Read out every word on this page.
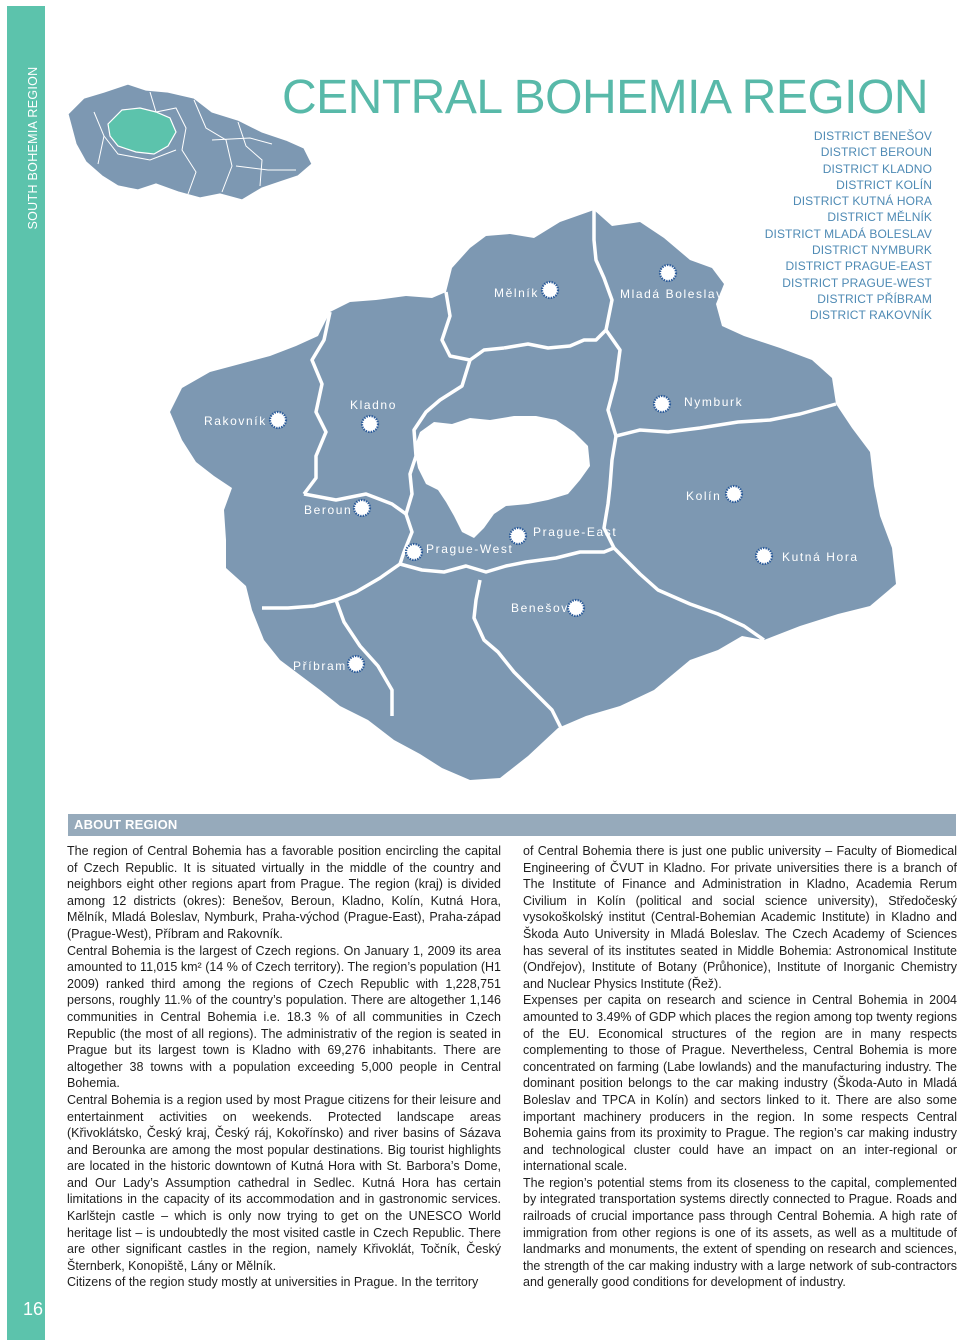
SOUTH BOHEMIA REGION
16
Mělník	Mladá Boleslav
Rakovník
Kladno	Nymburk
Beroun
Kolín
Prague-West
Prague-East
Kutná Hora
Benešov
Příbram
CENTRAL BOHEMIA REGION
DISTRICT BENEŠOV
DISTRICT BEROUN
DISTRICT KLADNO
DISTRICT KOLÍN
DISTRICT KUTNÁ HORA
DISTRICT MĚLNÍK
DISTRICT MLADÁ BOLESLAV
DISTRICT NYMBURK
DISTRICT PRAGUE-EAST
DISTRICT PRAGUE-WEST
DISTRICT PŘÍBRAM
DISTRICT RAKOVNÍK
ABOUT REGION

The region of Central Bohemia has a favorable position encircling the capital of Czech Republic. It is situated virtually in the middle of the country and neighbors eight other regions apart from Prague. The region (kraj) is divided among 12 districts (okres): Benešov, Beroun, Kladno, Kolín, Kutná Hora, Mělník, Mladá Boleslav, Nymburk, Praha-východ (Prague-East), Praha-západ (Prague-West), Příbram and Rakovník.

Central Bohemia is the largest of Czech regions. On January 1, 2009 its area amounted to 11,015 km² (14 % of Czech territory). The region’s population (H1 2009) ranked third among the regions of Czech Republic with 1,228,751 persons, roughly 11.% of the country’s population. There are altogether 1,146 communities in Central Bohemia i.e. 18.3 % of all communities in Czech Republic (the most of all regions). The administrativ of the region is seated in Prague but its largest town is Kladno with 69,276 inhabitants. There are altogether 38 towns with a population exceeding 5,000 people in Central Bohemia.

Central Bohemia is a region used by most Prague citizens for their leisure and entertainment activities on weekends. Protected landscape areas (Křivoklátsko, Český kraj, Český ráj, Kokořínsko) and river basins of Sázava and Berounka are among the most popular destinations. Big tourist highlights are located in the historic downtown of Kutná Hora with St. Barbora’s Dome, and Our Lady’s Assumption cathedral in Sedlec. Kutná Hora has certain limitations in the capacity of its accommodation and in gastronomic services. Karlštejn castle – which is only now trying to get on the UNESCO World heritage list – is undoubtedly the most visited castle in Czech Republic. There are other significant castles in the region, namely Křivoklát, Točník, Český Šternberk, Konopiště, Lány or Mělník.

Citizens of the region study mostly at universities in Prague. In the territory

of Central Bohemia there is just one public university – Faculty of Biomedical Engineering of ČVUT in Kladno. For private universities there is a branch of The Institute of Finance and Administration in Kladno, Academia Rerum Civilium in Kolín (political and social science university), Středočeský vysokoškolský institut (Central-Bohemian Academic Institute) in Kladno and Škoda Auto University in Mladá Boleslav. The Czech Academy of Sciences has several of its institutes seated in Middle Bohemia: Astronomical Institute (Ondřejov), Institute of Botany (Průhonice), Institute of Inorganic Chemistry and Nuclear Physics Institute (Řež).

Expenses per capita on research and science in Central Bohemia in 2004 amounted to 3.49% of GDP which places the region among top twenty regions of the EU. Economical structures of the region are in many respects complementing to those of Prague. Nevertheless, Central Bohemia is more concentrated on farming (Labe lowlands) and the manufacturing industry. The dominant position belongs to the car making industry (Škoda-Auto in Mladá Boleslav and TPCA in Kolín) and sectors linked to it. There are also some important machinery producers in the region. In some respects Central Bohemia gains from its proximity to Prague. The region’s car making industry and technological cluster could have an impact on an inter-regional or international scale.

The region’s potential stems from its closeness to the capital, complemented by integrated transportation systems directly connected to Prague. Roads and railroads of crucial importance pass through Central Bohemia. A high rate of immigration from other regions is one of its assets, as well as a multitude of landmarks and monuments, the extent of spending on research and sciences, the strength of the car making industry with a large network of sub-contractors and generally good conditions for development of industry.
